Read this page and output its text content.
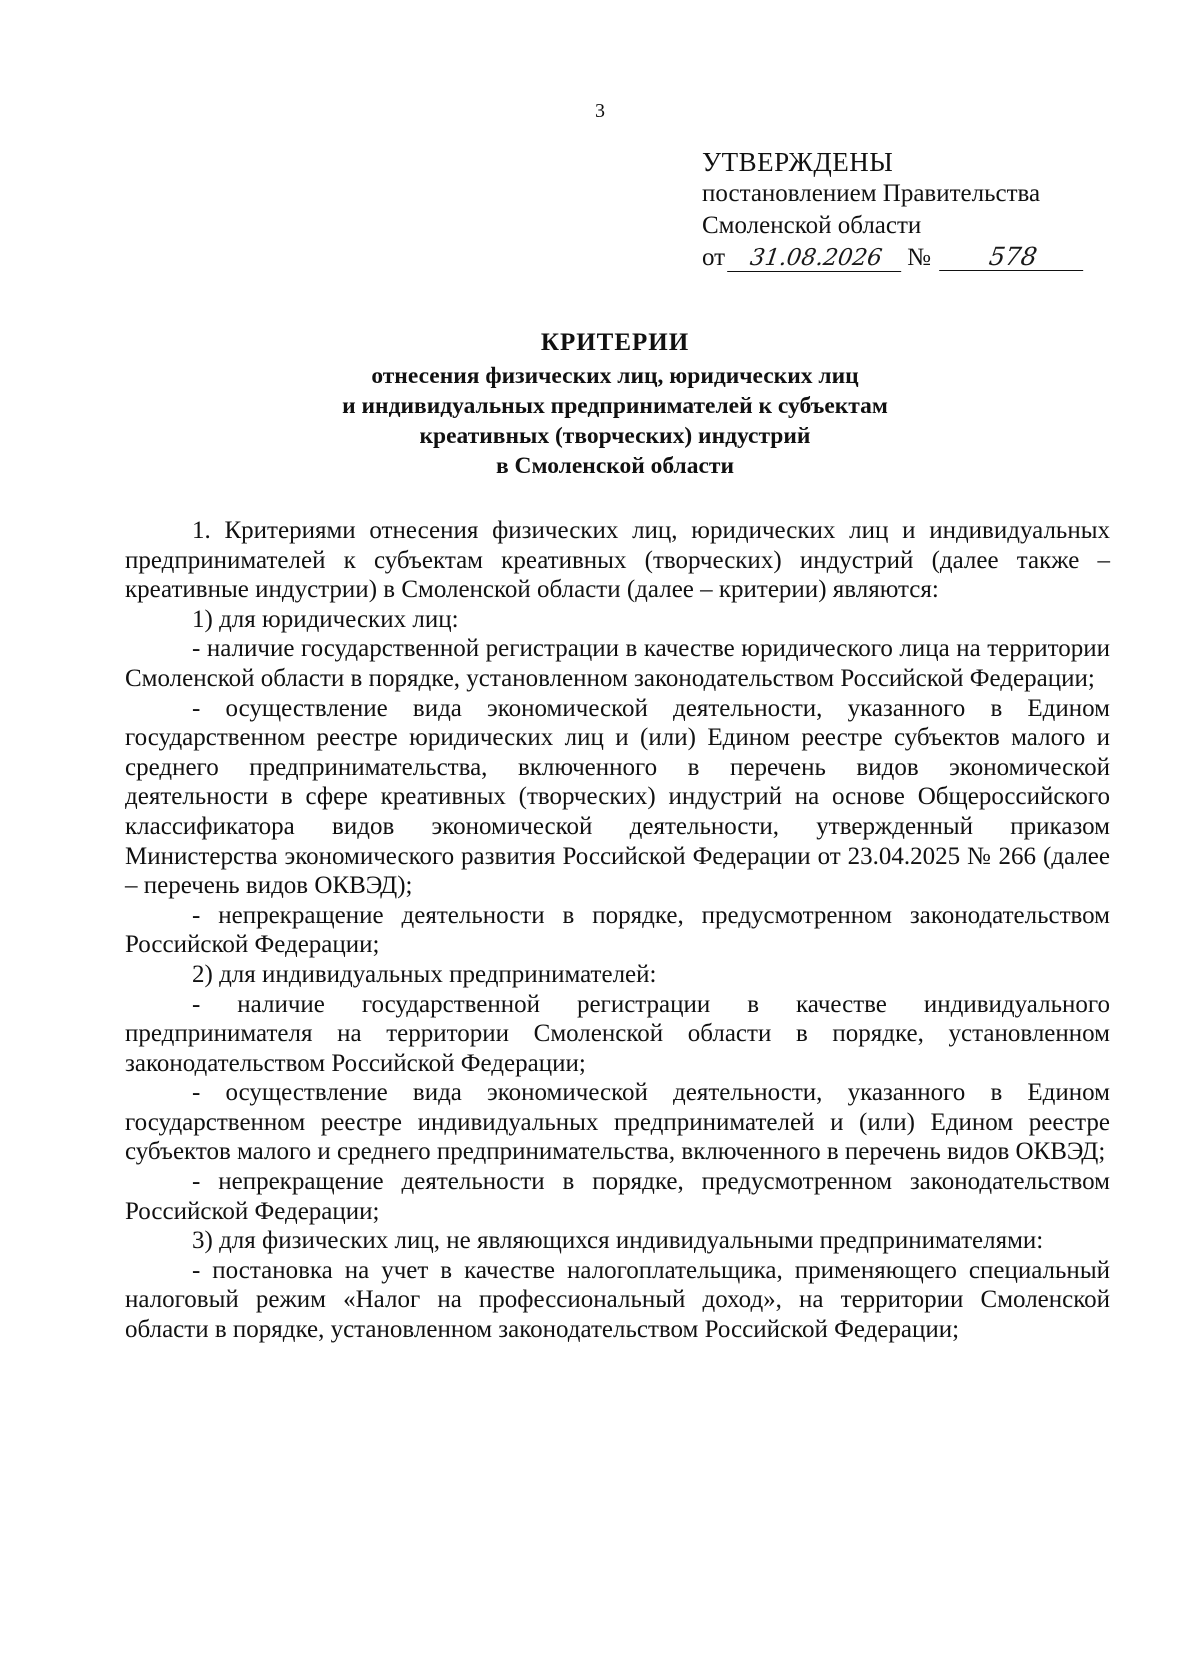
3
УТВЕРЖДЕНЫ
постановлением Правительства
Смоленской области
от	31.08.2026 №	578
КРИТЕРИИ
отнесения физических лиц, юридических лиц
и индивидуальных предпринимателей к субъектам
креативных (творческих) индустрий
в Смоленской области

1. Критериями отнесения физических лиц, юридических лиц и индивидуальных предпринимателей к субъектам креативных (творческих) индустрий (далее также – креативные индустрии) в Смоленской области (далее – критерии) являются:

1) для юридических лиц:

- наличие государственной регистрации в качестве юридического лица на территории Смоленской области в порядке, установленном законодательством Российской Федерации;

- осуществление вида экономической деятельности, указанного в Едином государственном реестре юридических лиц и (или) Едином реестре субъектов малого и среднего предпринимательства, включенного в перечень видов экономической деятельности в сфере креативных (творческих) индустрий на основе Общероссийского классификатора видов экономической деятельности, утвержденный приказом Министерства экономического развития Российской Федерации от 23.04.2025 № 266 (далее – перечень видов ОКВЭД);

- непрекращение деятельности в порядке, предусмотренном законодательством Российской Федерации;

2) для индивидуальных предпринимателей:

- наличие государственной регистрации в качестве индивидуального предпринимателя на территории Смоленской области в порядке, установленном законодательством Российской Федерации;

- осуществление вида экономической деятельности, указанного в Едином государственном реестре индивидуальных предпринимателей и (или) Едином реестре субъектов малого и среднего предпринимательства, включенного в перечень видов ОКВЭД;

- непрекращение деятельности в порядке, предусмотренном законодательством Российской Федерации;

3) для физических лиц, не являющихся индивидуальными предпринимателями:

- постановка на учет в качестве налогоплательщика, применяющего специальный налоговый режим «Налог на профессиональный доход», на территории Смоленской области в порядке, установленном законодательством Российской Федерации;
